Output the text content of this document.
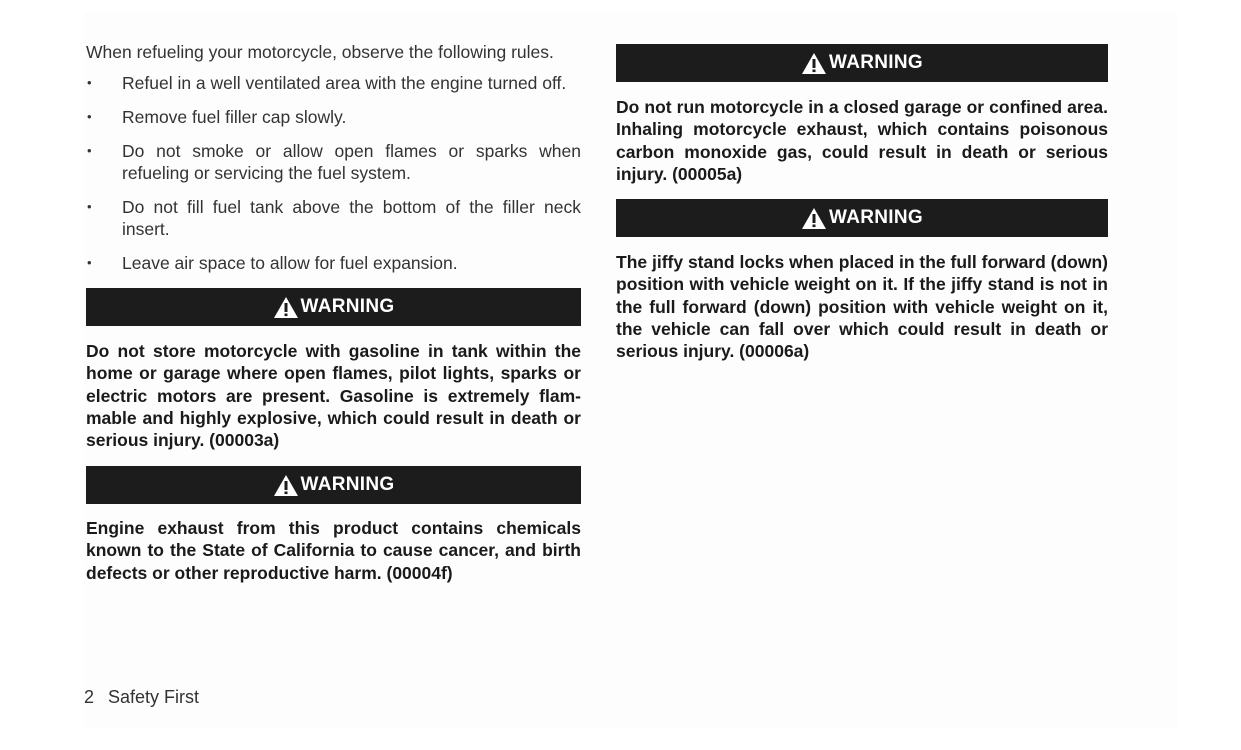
When refueling your motorcycle, observe the following rules.

• Refuel in a well ventilated area with the engine turned off.
• Remove fuel filler cap slowly.
• Do not smoke or allow open flames or sparks when refueling or servicing the fuel system.
• Do not fill fuel tank above the bottom of the filler neck insert.
• Leave air space to allow for fuel expansion.
WARNING

Do not store motorcycle with gasoline in tank within the home or garage where open flames, pilot lights, sparks or electric motors are present. Gasoline is extremely flam-mable and highly explosive, which could result in death or serious injury. (00003a)

WARNING

Engine exhaust from this product contains chemicals known to the State of California to cause cancer, and birth defects or other reproductive harm. (00004f)

WARNING

Do not run motorcycle in a closed garage or confined area. Inhaling motorcycle exhaust, which contains poisonous carbon monoxide gas, could result in death or serious injury. (00005a)

WARNING

The jiffy stand locks when placed in the full forward (down) position with vehicle weight on it. If the jiffy stand is not in the full forward (down) position with vehicle weight on it, the vehicle can fall over which could result in death or serious injury. (00006a)

2 Safety First
